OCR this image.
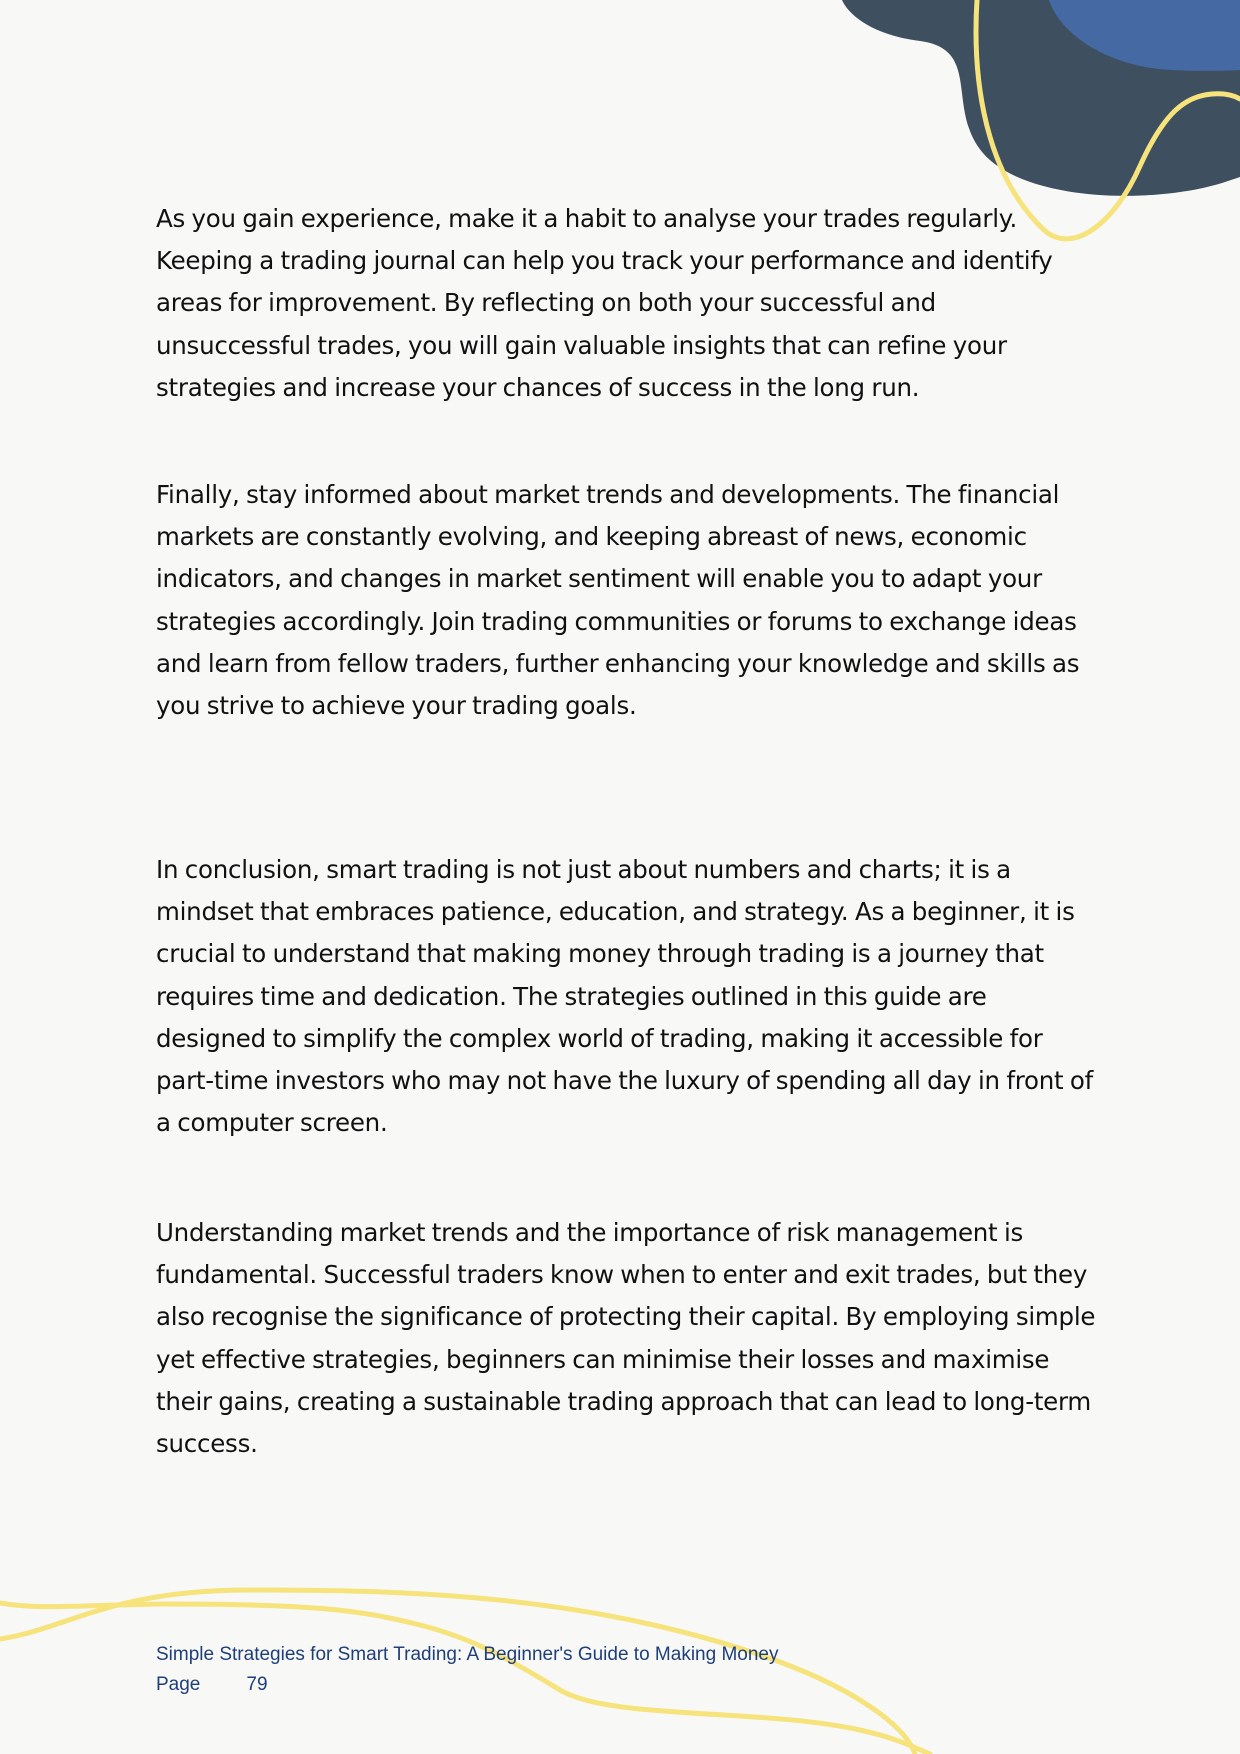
As you gain experience, make it a habit to analyse your trades regularly. Keeping a trading journal can help you track your performance and identify areas for improvement. By reflecting on both your successful and unsuccessful trades, you will gain valuable insights that can refine your strategies and increase your chances of success in the long run.

Finally, stay informed about market trends and developments. The financial markets are constantly evolving, and keeping abreast of news, economic indicators, and changes in market sentiment will enable you to adapt your strategies accordingly. Join trading communities or forums to exchange ideas and learn from fellow traders, further enhancing your knowledge and skills as you strive to achieve your trading goals.

In conclusion, smart trading is not just about numbers and charts; it is a mindset that embraces patience, education, and strategy. As a beginner, it is crucial to understand that making money through trading is a journey that requires time and dedication. The strategies outlined in this guide are designed to simplify the complex world of trading, making it accessible for part-time investors who may not have the luxury of spending all day in front of a computer screen.

Understanding market trends and the importance of risk management is fundamental. Successful traders know when to enter and exit trades, but they also recognise the significance of protecting their capital. By employing simple yet effective strategies, beginners can minimise their losses and maximise their gains, creating a sustainable trading approach that can lead to long-term success.

Simple Strategies for Smart Trading: A Beginner's Guide to Making Money
Page 79
